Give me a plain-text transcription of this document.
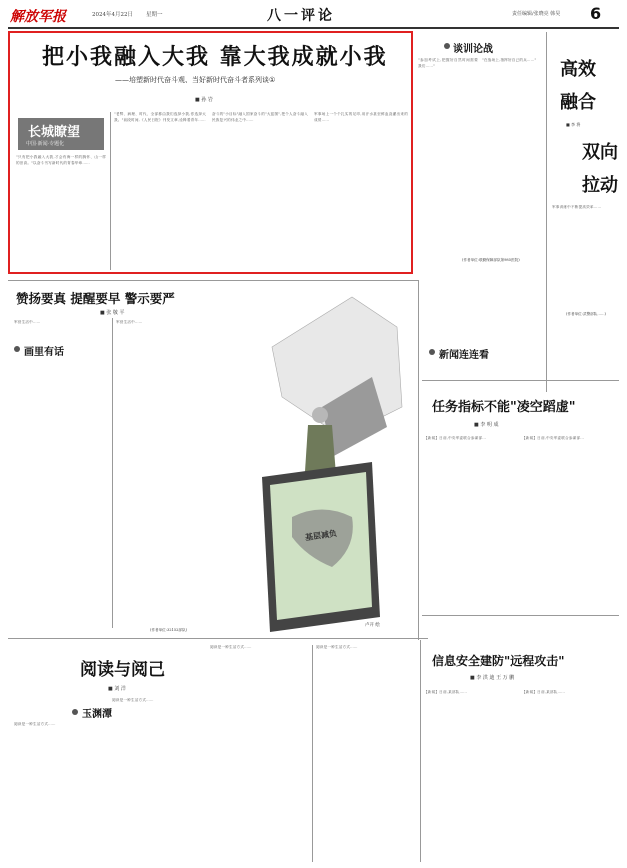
解放军报	2024年4月22日 星期一	八一评论	责任编辑/张晓亮 韩昊 6
把小我融入大我 靠大我成就小我
——培塑新时代奋斗观、当好新时代奋斗者系列谈①
■ 孙 岩
长城瞭望
中国·新闻·专题化
"只有把小我融入大我,才会有海一样的胸怀、山一样的崇高。"以奋斗书写新时代的青春华章……
"老弊、病理、时代、全部都由我们选择小我,你选择大我。"前段时间,《人民日报》刊发文章,诠释着青年……
奋斗的"小目标"融入国家奋斗的"大蓝图",把个人奋斗融入民族复兴的伟业之中……
军事场上一个个扎实的足印,用汗水甚至鲜血浇灌出来的成绩……
谈训论战
"参加考试上,把握好自然时间需要我们……"
"在战场上,指挥好自己的兵……"
(作者单位:联勤保障部队第985医院)
高效
融合
双向
拉动
■ 李 将
军事训练中不断提高效率……
(作者单位:武警部队……)
赞扬要真 提醒要早 警示要严
■ 张 敬 平
画里有话
军营生活中……	军营生活中……
(作者单位:32152部队)
基层减负
卢开 绘
新闻连连看
任务指标不能"凌空蹈虚"
■ 李 明 成
【新闻】日前,中央军委联合参谋部…	【新闻】日前,中央军委联合参谋部…
阅读与阅己
■ 刘 洋
玉渊潭
阅读是一种生活方式……
阅读是一种生活方式……
阅读是一种生活方式……	阅读是一种生活方式……
信息安全建防"远程攻击"
■ 李 洪 迪 王 万 鹏
【新闻】日前,某部队……	【新闻】日前,某部队……
